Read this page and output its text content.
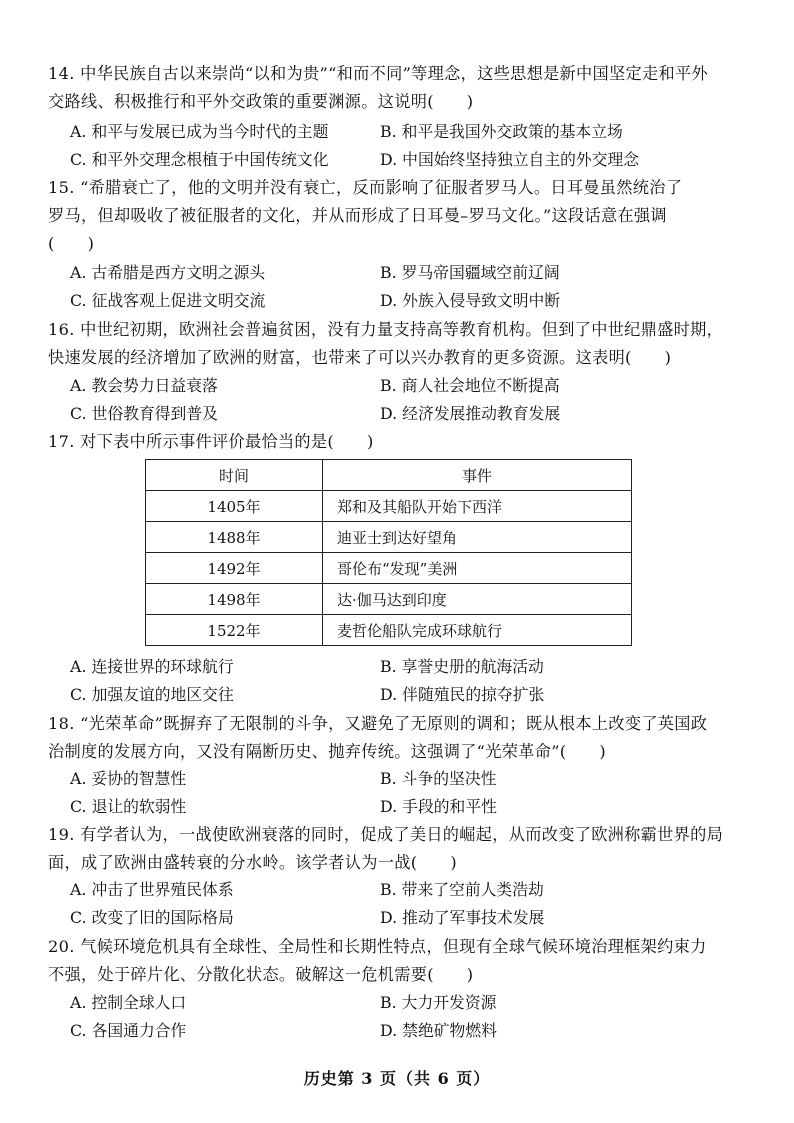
14. 中华民族自古以来崇尚“以和为贵”“和而不同”等理念，这些思想是新中国坚定走和平外

交路线、积极推行和平外交政策的重要渊源。这说明(　　)

A. 和平与发展已成为当今时代的主题	B. 和平是我国外交政策的基本立场
C. 和平外交理念根植于中国传统文化	D. 中国始终坚持独立自主的外交理念

15. “希腊衰亡了，他的文明并没有衰亡，反而影响了征服者罗马人。日耳曼虽然统治了

罗马，但却吸收了被征服者的文化，并从而形成了日耳曼–罗马文化。”这段话意在强调

(　　)

A. 古希腊是西方文明之源头	B. 罗马帝国疆域空前辽阔
C. 征战客观上促进文明交流	D. 外族入侵导致文明中断

16. 中世纪初期，欧洲社会普遍贫困，没有力量支持高等教育机构。但到了中世纪鼎盛时期，

快速发展的经济增加了欧洲的财富，也带来了可以兴办教育的更多资源。这表明(　　)

A. 教会势力日益衰落	B. 商人社会地位不断提高
C. 世俗教育得到普及	D. 经济发展推动教育发展

17. 对下表中所示事件评价最恰当的是(　　)

时间	事件
1405年	郑和及其船队开始下西洋
1488年	迪亚士到达好望角
1492年	哥伦布“发现”美洲
1498年	达·伽马达到印度
1522年	麦哲伦船队完成环球航行
A. 连接世界的环球航行	B. 享誉史册的航海活动
C. 加强友谊的地区交往	D. 伴随殖民的掠夺扩张

18. “光荣革命”既摒弃了无限制的斗争，又避免了无原则的调和；既从根本上改变了英国政

治制度的发展方向，又没有隔断历史、抛弃传统。这强调了“光荣革命”(　　)

A. 妥协的智慧性	B. 斗争的坚决性
C. 退让的软弱性	D. 手段的和平性

19. 有学者认为，一战使欧洲衰落的同时，促成了美日的崛起，从而改变了欧洲称霸世界的局

面，成了欧洲由盛转衰的分水岭。该学者认为一战(　　)

A. 冲击了世界殖民体系	B. 带来了空前人类浩劫
C. 改变了旧的国际格局	D. 推动了军事技术发展

20. 气候环境危机具有全球性、全局性和长期性特点，但现有全球气候环境治理框架约束力

不强，处于碎片化、分散化状态。破解这一危机需要(　　)

A. 控制全球人口	B. 大力开发资源
C. 各国通力合作	D. 禁绝矿物燃料
历史第 3 页（共 6 页）
